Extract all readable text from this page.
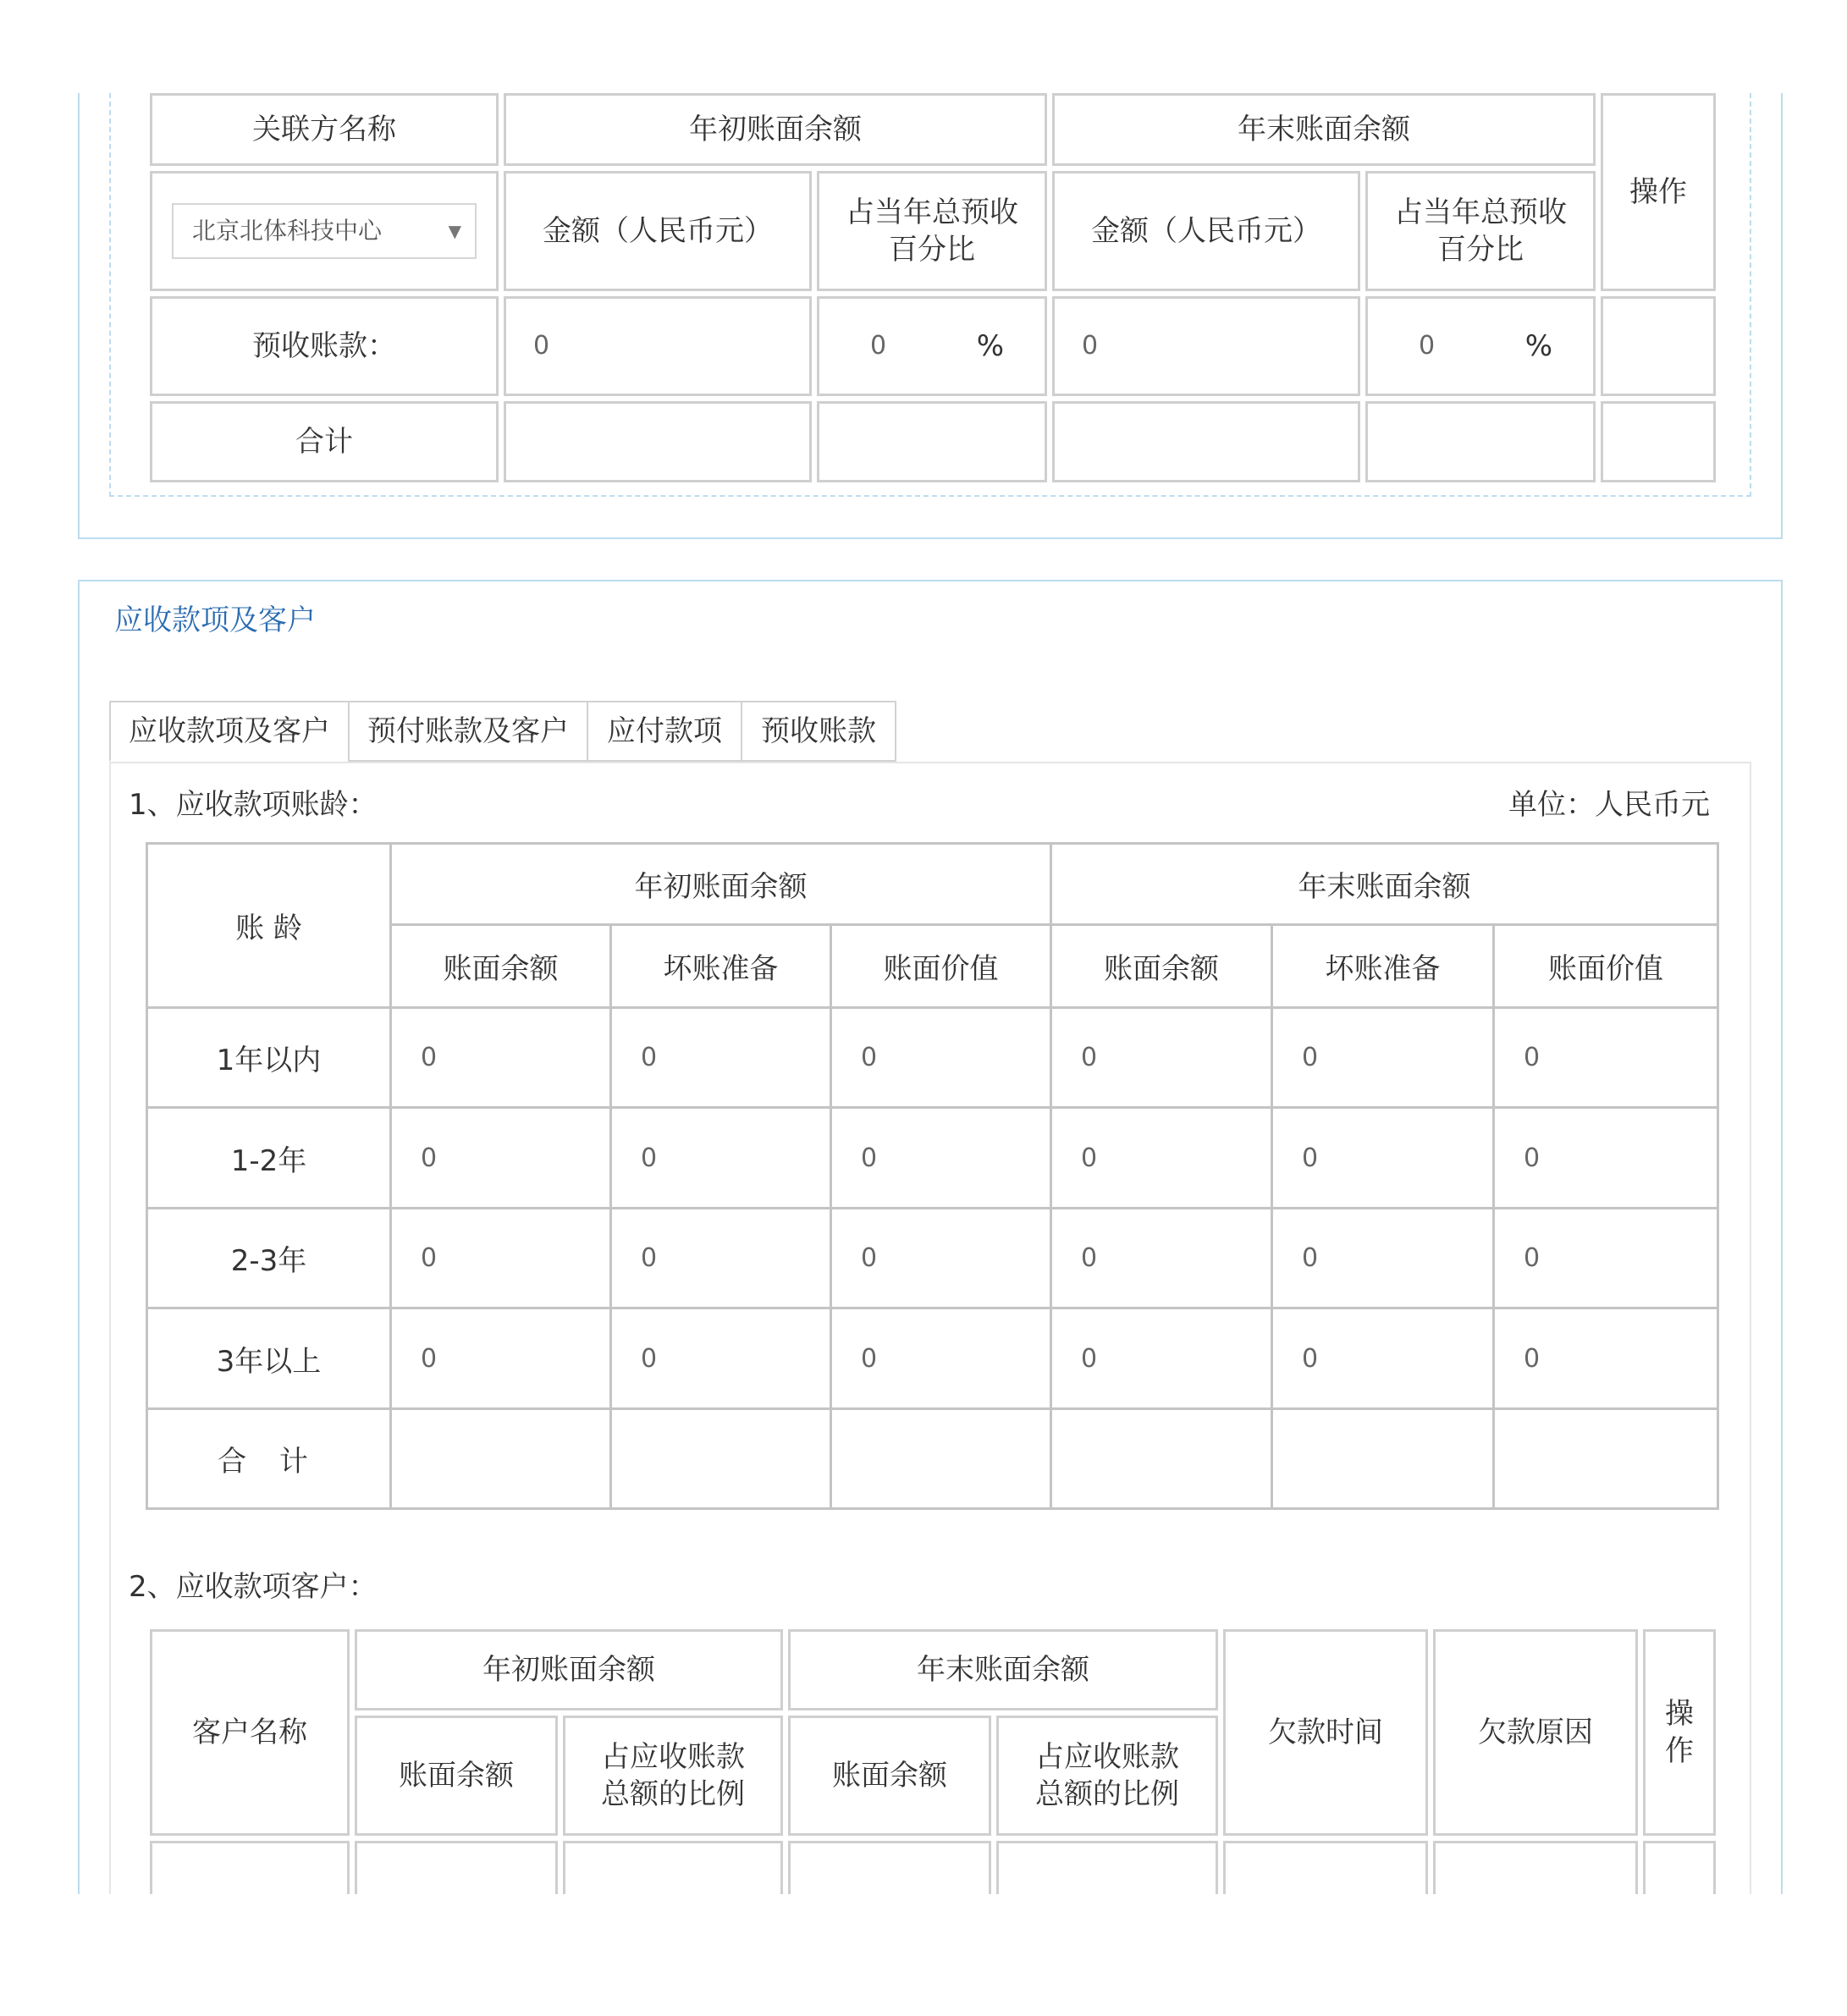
关联方名称	年初账面余额		年末账面余额		操作

北京北体科技中心 ▼	金额（人民币元）	占当年总预收百分比	金额（人民币元）	占当年总预收百分比	
预收账款：	0	0 %	0	0 %	

合计					
应收款项及客户
应收款项及客户	预付账款及客户	应付款项	预收账款
1、应收款项账龄：	单位：人民币元
账 龄	年初账面余额			年末账面余额		
	账面余额	坏账准备	账面价值	账面余额	坏账准备	账面价值
1年以内	0	0	0	0	0	0
1-2年	0	0	0	0	0	0
2-3年	0	0	0	0	0	0
3年以上	0	0	0	0	0	0
合 计						
2、应收款项客户：
客户名称	年初账面余额		年末账面余额		欠款时间	欠款原因	操作
	账面余额	占应收账款总额的比例	账面余额	占应收账款总额的比例			
